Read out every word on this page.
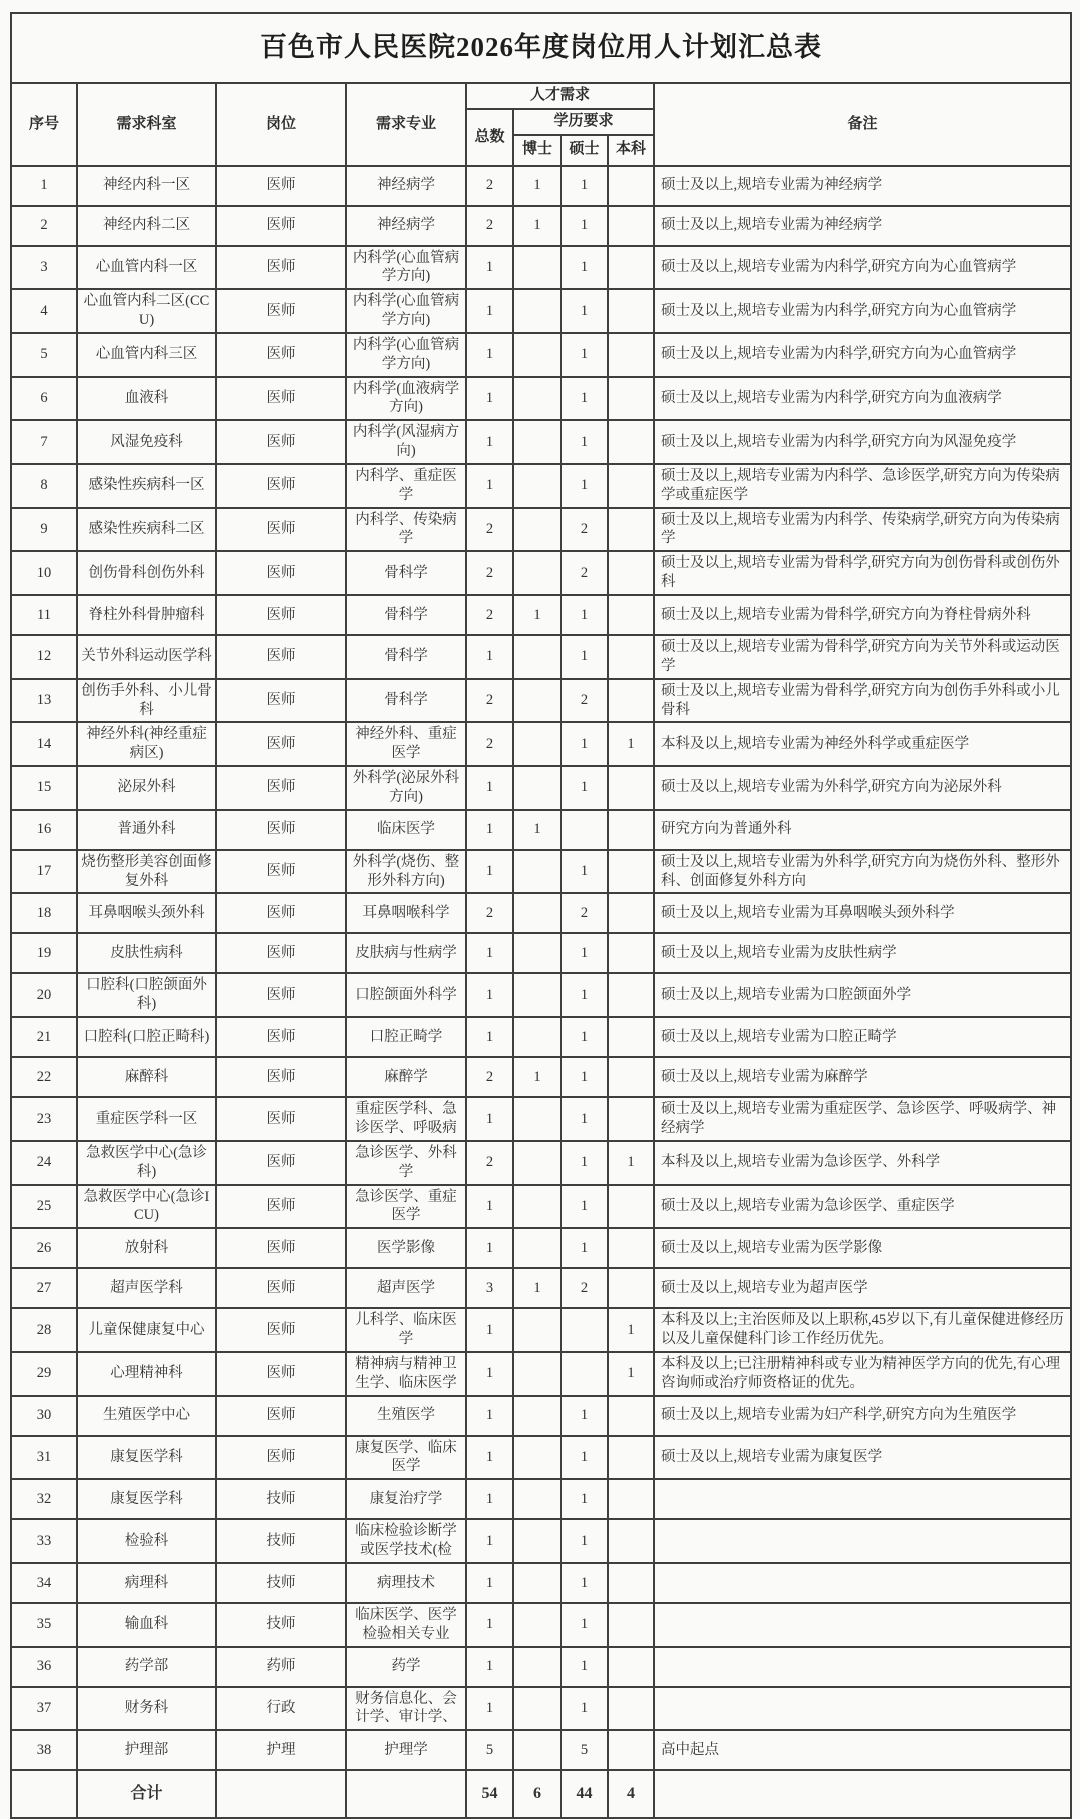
百色市人民医院2026年度岗位用人计划汇总表								
序号	需求科室	岗位	需求专业	人才需求				备注
				总数	学历要求			
					博士	硕士	本科	
1	神经内科一区	医师	神经病学	2	1	1		硕士及以上,规培专业需为神经病学
2	神经内科二区	医师	神经病学	2	1	1		硕士及以上,规培专业需为神经病学
3	心血管内科一区	医师	内科学(心血管病学方向)	1		1		硕士及以上,规培专业需为内科学,研究方向为心血管病学
4	心血管内科二区(CCU)	医师	内科学(心血管病学方向)	1		1		硕士及以上,规培专业需为内科学,研究方向为心血管病学
5	心血管内科三区	医师	内科学(心血管病学方向)	1		1		硕士及以上,规培专业需为内科学,研究方向为心血管病学
6	血液科	医师	内科学(血液病学方向)	1		1		硕士及以上,规培专业需为内科学,研究方向为血液病学
7	风湿免疫科	医师	内科学(风湿病方向)	1		1		硕士及以上,规培专业需为内科学,研究方向为风湿免疫学
8	感染性疾病科一区	医师	内科学、重症医学	1		1		硕士及以上,规培专业需为内科学、急诊医学,研究方向为传染病学或重症医学
9	感染性疾病科二区	医师	内科学、传染病学	2		2		硕士及以上,规培专业需为内科学、传染病学,研究方向为传染病学
10	创伤骨科创伤外科	医师	骨科学	2		2		硕士及以上,规培专业需为骨科学,研究方向为创伤骨科或创伤外科
11	脊柱外科骨肿瘤科	医师	骨科学	2	1	1		硕士及以上,规培专业需为骨科学,研究方向为脊柱骨病外科
12	关节外科运动医学科	医师	骨科学	1		1		硕士及以上,规培专业需为骨科学,研究方向为关节外科或运动医学
13	创伤手外科、小儿骨科	医师	骨科学	2		2		硕士及以上,规培专业需为骨科学,研究方向为创伤手外科或小儿骨科
14	神经外科(神经重症病区)	医师	神经外科、重症医学	2		1	1	本科及以上,规培专业需为神经外科学或重症医学
15	泌尿外科	医师	外科学(泌尿外科方向)	1		1		硕士及以上,规培专业需为外科学,研究方向为泌尿外科
16	普通外科	医师	临床医学	1	1			研究方向为普通外科
17	烧伤整形美容创面修复外科	医师	外科学(烧伤、整形外科方向)	1		1		硕士及以上,规培专业需为外科学,研究方向为烧伤外科、整形外科、创面修复外科方向
18	耳鼻咽喉头颈外科	医师	耳鼻咽喉科学	2		2		硕士及以上,规培专业需为耳鼻咽喉头颈外科学
19	皮肤性病科	医师	皮肤病与性病学	1		1		硕士及以上,规培专业需为皮肤性病学
20	口腔科(口腔颌面外科)	医师	口腔颌面外科学	1		1		硕士及以上,规培专业需为口腔颌面外学
21	口腔科(口腔正畸科)	医师	口腔正畸学	1		1		硕士及以上,规培专业需为口腔正畸学
22	麻醉科	医师	麻醉学	2	1	1		硕士及以上,规培专业需为麻醉学
23	重症医学科一区	医师	重症医学科、急诊医学、呼吸病	1		1		硕士及以上,规培专业需为重症医学、急诊医学、呼吸病学、神经病学
24	急救医学中心(急诊科)	医师	急诊医学、外科学	2		1	1	本科及以上,规培专业需为急诊医学、外科学
25	急救医学中心(急诊ICU)	医师	急诊医学、重症医学	1		1		硕士及以上,规培专业需为急诊医学、重症医学
26	放射科	医师	医学影像	1		1		硕士及以上,规培专业需为医学影像
27	超声医学科	医师	超声医学	3	1	2		硕士及以上,规培专业为超声医学
28	儿童保健康复中心	医师	儿科学、临床医学	1			1	本科及以上;主治医师及以上职称,45岁以下,有儿童保健进修经历以及儿童保健科门诊工作经历优先。
29	心理精神科	医师	精神病与精神卫生学、临床医学	1			1	本科及以上;已注册精神科或专业为精神医学方向的优先,有心理咨询师或治疗师资格证的优先。
30	生殖医学中心	医师	生殖医学	1		1		硕士及以上,规培专业需为妇产科学,研究方向为生殖医学
31	康复医学科	医师	康复医学、临床医学	1		1		硕士及以上,规培专业需为康复医学
32	康复医学科	技师	康复治疗学	1		1		
33	检验科	技师	临床检验诊断学或医学技术(检	1		1		
34	病理科	技师	病理技术	1		1		
35	输血科	技师	临床医学、医学检验相关专业	1		1		
36	药学部	药师	药学	1		1		
37	财务科	行政	财务信息化、会计学、审计学、	1		1		
38	护理部	护理	护理学	5		5		高中起点
	合计			54	6	44	4	
